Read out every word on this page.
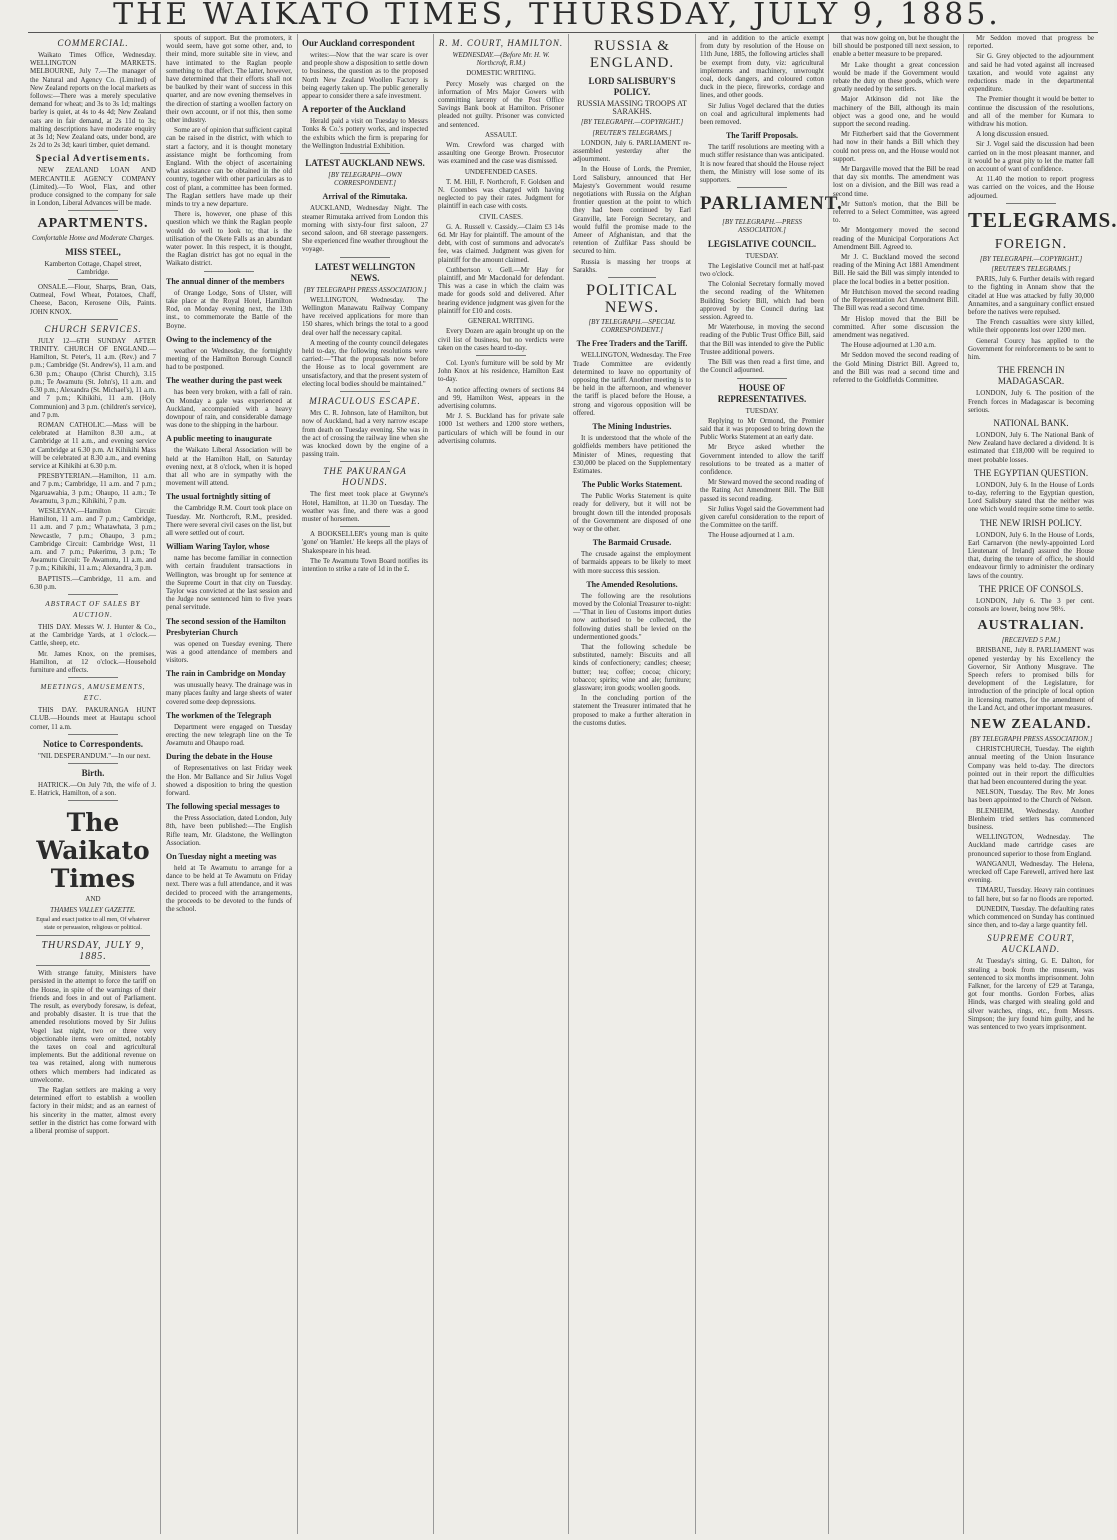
THE WAIKATO TIMES, THURSDAY, JULY 9, 1885.
COMMERCIAL.

Waikato Times Office, Wednesday. WELLINGTON MARKETS. MELBOURNE, July 7.—The manager of the Natural and Agency Co. (Limited) of New Zealand reports on the local markets as follows:—There was a merely speculative demand for wheat; and 3s to 3s 1d; maltings barley is quiet, at 4s to 4s 4d; New Zealand oats are in fair demand, at 2s 11d to 3s; malting descriptions have moderate enquiry at 3s 1d; New Zealand oats, under bond, are 2s 2d to 2s 3d; kauri timber, quiet demand.

Special Advertisements.

NEW ZEALAND LOAN AND MERCANTILE AGENCY COMPANY (Limited).—To Wool, Flax, and other produce consigned to the company for sale in London, Liberal Advances will be made.

APARTMENTS.
Comfortable Home and Moderate Charges.
MISS STEEL,
Kamberton Cottage, Chapel street, Cambridge.

ONSALE.—Flour, Sharps, Bran, Oats, Oatmeal, Fowl Wheat, Potatoes, Chaff, Cheese, Bacon, Kerosene Oils, Paints. JOHN KNOX.

CHURCH SERVICES.

JULY 12—6TH SUNDAY AFTER TRINITY. CHURCH OF ENGLAND.—Hamilton, St. Peter's, 11 a.m. (Rev.) and 7 p.m.; Cambridge (St. Andrew's), 11 a.m. and 6.30 p.m.; Ohaupo (Christ Church), 3.15 p.m.; Te Awamutu (St. John's), 11 a.m. and 6.30 p.m.; Alexandra (St. Michael's), 11 a.m. and 7 p.m.; Kihikihi, 11 a.m. (Holy Communion) and 3 p.m. (children's service), and 7 p.m.

ROMAN CATHOLIC.—Mass will be celebrated at Hamilton 8.30 a.m., at Cambridge at 11 a.m., and evening service at Cambridge at 6.30 p.m. At Kihikihi Mass will be celebrated at 8.30 a.m., and evening service at Kihikihi at 6.30 p.m.

PRESBYTERIAN.—Hamilton, 11 a.m. and 7 p.m.; Cambridge, 11 a.m. and 7 p.m.; Ngaruawahia, 3 p.m.; Ohaupo, 11 a.m.; Te Awamutu, 3 p.m.; Kihikihi, 7 p.m.

WESLEYAN.—Hamilton Circuit: Hamilton, 11 a.m. and 7 p.m.; Cambridge, 11 a.m. and 7 p.m.; Whatawhata, 3 p.m.; Newcastle, 7 p.m.; Ohaupo, 3 p.m.; Cambridge Circuit: Cambridge West, 11 a.m. and 7 p.m.; Pukerimu, 3 p.m.; Te Awamutu Circuit: Te Awamutu, 11 a.m. and 7 p.m.; Kihikihi, 11 a.m.; Alexandra, 3 p.m.

BAPTISTS.—Cambridge, 11 a.m. and 6.30 p.m.

ABSTRACT OF SALES BY AUCTION.

THIS DAY. Messrs W. J. Hunter & Co., at the Cambridge Yards, at 1 o'clock.—Cattle, sheep, etc.

Mr. James Knox, on the premises, Hamilton, at 12 o'clock.—Household furniture and effects.

MEETINGS, AMUSEMENTS, ETC.

THIS DAY. PAKURANGA HUNT CLUB.—Hounds meet at Hautapu school corner, 11 a.m.

Notice to Correspondents.

"NIL DESPERANDUM."—In our next.

Birth.

HATRICK.—On July 7th, the wife of J. E. Hatrick, Hamilton, of a son.

The Waikato Times
AND
THAMES VALLEY GAZETTE.

Equal and exact justice to all men, Of whatever state or persuasion, religious or political.

THURSDAY, JULY 9, 1885.

With strange fatuity, Ministers have persisted in the attempt to force the tariff on the House, in spite of the warnings of their friends and foes in and out of Parliament. The result, as everybody foresaw, is defeat, and probably disaster. It is true that the amended resolutions moved by Sir Julius Vogel last night, two or three very objectionable items were omitted, notably the taxes on coal and agricultural implements. But the additional revenue on tea was retained, along with numerous others which members had indicated as unwelcome.

The Raglan settlers are making a very determined effort to establish a woollen factory in their midst; and as an earnest of his sincerity in the matter, almost every settler in the district has come forward with a liberal promise of support.

spouts of support. But the promoters, it would seem, have got some other, and, to their mind, more suitable site in view, and have intimated to the Raglan people something to that effect. The latter, however, have determined that their efforts shall not be baulked by their want of success in this quarter, and are now evening themselves in the direction of starting a woollen factory on their own account, or if not this, then some other industry.

Some are of opinion that sufficient capital can be raised in the district, with which to start a factory, and it is thought monetary assistance might be forthcoming from England. With the object of ascertaining what assistance can be obtained in the old country, together with other particulars as to cost of plant, a committee has been formed. The Raglan settlers have made up their minds to try a new departure.

There is, however, one phase of this question which we think the Raglan people would do well to look to; that is the utilisation of the Okete Falls as an abundant water power. In this respect, it is thought, the Raglan district has got no equal in the Waikato district.

The annual dinner of the members

of Orange Lodge, Sons of Ulster, will take place at the Royal Hotel, Hamilton Rod, on Monday evening next, the 13th inst., to commemorate the Battle of the Boyne.

Owing to the inclemency of the

weather on Wednesday, the fortnightly meeting of the Hamilton Borough Council had to be postponed.

The weather during the past week

has been very broken, with a fall of rain. On Monday a gale was experienced at Auckland, accompanied with a heavy downpour of rain, and considerable damage was done to the shipping in the harbour.

A public meeting to inaugurate

the Waikato Liberal Association will be held at the Hamilton Hall, on Saturday evening next, at 8 o'clock, when it is hoped that all who are in sympathy with the movement will attend.

The usual fortnightly sitting of

the Cambridge R.M. Court took place on Tuesday. Mr. Northcroft, R.M., presided. There were several civil cases on the list, but all were settled out of court.

William Waring Taylor, whose

name has become familiar in connection with certain fraudulent transactions in Wellington, was brought up for sentence at the Supreme Court in that city on Tuesday. Taylor was convicted at the last session and the Judge now sentenced him to five years penal servitude.

The second session of the Hamilton Presbyterian Church

was opened on Tuesday evening. There was a good attendance of members and visitors.

The rain in Cambridge on Monday

was unusually heavy. The drainage was in many places faulty and large sheets of water covered some deep depressions.

The workmen of the Telegraph

Department were engaged on Tuesday erecting the new telegraph line on the Te Awamutu and Ohaupo road.

During the debate in the House

of Representatives on last Friday week the Hon. Mr Ballance and Sir Julius Vogel showed a disposition to bring the question forward.

The following special messages to

the Press Association, dated London, July 8th, have been published:—The English Rifle team, Mr. Gladstone, the Wellington Association.

On Tuesday night a meeting was

held at Te Awamutu to arrange for a dance to be held at Te Awamutu on Friday next. There was a full attendance, and it was decided to proceed with the arrangements, the proceeds to be devoted to the funds of the school.

Our Auckland correspondent

writes:—Now that the war scare is over and people show a disposition to settle down to business, the question as to the proposed North New Zealand Woollen Factory is being eagerly taken up. The public generally appear to consider there a safe investment.

A reporter of the Auckland

Herald paid a visit on Tuesday to Messrs Tonks & Co.'s pottery works, and inspected the exhibits which the firm is preparing for the Wellington Industrial Exhibition.

LATEST AUCKLAND NEWS.
[BY TELEGRAPH—OWN CORRESPONDENT.]
Arrival of the Rimutaka.

AUCKLAND, Wednesday Night. The steamer Rimutaka arrived from London this morning with sixty-four first saloon, 27 second saloon, and 68 steerage passengers. She experienced fine weather throughout the voyage.

LATEST WELLINGTON NEWS.
[BY TELEGRAPH PRESS ASSOCIATION.]

WELLINGTON, Wednesday. The Wellington Manawatu Railway Company have received applications for more than 150 shares, which brings the total to a good deal over half the necessary capital.

A meeting of the county council delegates held to-day, the following resolutions were carried:—"That the proposals now before the House as to local government are unsatisfactory, and that the present system of electing local bodies should be maintained."

MIRACULOUS ESCAPE.

Mrs C. R. Johnson, late of Hamilton, but now of Auckland, had a very narrow escape from death on Tuesday evening. She was in the act of crossing the railway line when she was knocked down by the engine of a passing train.

THE PAKURANGA HOUNDS.

The first meet took place at Gwynne's Hotel, Hamilton, at 11.30 on Tuesday. The weather was fine, and there was a good muster of horsemen.

A BOOKSELLER's young man is quite 'gone' on 'Hamlet.' He keeps all the plays of Shakespeare in his head.

The Te Awamutu Town Board notifies its intention to strike a rate of 1d in the £.

R. M. COURT, HAMILTON.
WEDNESDAY.—(Before Mr. H. W. Northcroft, R.M.)
DOMESTIC WRITING.

Percy Mosely was charged on the information of Mrs Major Gowers with committing larceny of the Post Office Savings Bank book at Hamilton. Prisoner pleaded not guilty. Prisoner was convicted and sentenced.

ASSAULT.

Wm. Crewford was charged with assaulting one George Brown. Prosecutor was examined and the case was dismissed.

UNDEFENDED CASES.

T. M. Hill, F. Northcroft, F. Goldsen and N. Coombes was charged with having neglected to pay their rates. Judgment for plaintiff in each case with costs.

CIVIL CASES.

G. A. Russell v. Cassidy.—Claim £3 14s 6d. Mr Hay for plaintiff. The amount of the debt, with cost of summons and advocate's fee, was claimed. Judgment was given for plaintiff for the amount claimed.

Cuthbertson v. Gell.—Mr Hay for plaintiff, and Mr Macdonald for defendant. This was a case in which the claim was made for goods sold and delivered. After hearing evidence judgment was given for the plaintiff for £10 and costs.

GENERAL WRITING.

Every Dozen are again brought up on the civil list of business, but no verdicts were taken on the cases heard to-day.

Col. Lyon's furniture will be sold by Mr John Knox at his residence, Hamilton East to-day.

A notice affecting owners of sections 84 and 99, Hamilton West, appears in the advertising columns.

Mr J. S. Buckland has for private sale 1000 1st wethers and 1200 store wethers, particulars of which will be found in our advertising columns.

RUSSIA & ENGLAND.
LORD SALISBURY'S POLICY.
RUSSIA MASSING TROOPS AT SARAKHS.
[BY TELEGRAPH.—COPYRIGHT.]
[REUTER'S TELEGRAMS.]

LONDON, July 6. PARLIAMENT re-assembled yesterday after the adjournment.

In the House of Lords, the Premier, Lord Salisbury, announced that Her Majesty's Government would resume negotiations with Russia on the Afghan frontier question at the point to which they had been continued by Earl Granville, late Foreign Secretary, and would fulfil the promise made to the Ameer of Afghanistan, and that the retention of Zulfikar Pass should be secured to him.

Russia is massing her troops at Sarakhs.

POLITICAL NEWS.
[BY TELEGRAPH.—SPECIAL CORRESPONDENT.]
The Free Traders and the Tariff.

WELLINGTON, Wednesday. The Free Trade Committee are evidently determined to leave no opportunity of opposing the tariff. Another meeting is to be held in the afternoon, and whenever the tariff is placed before the House, a strong and vigorous opposition will be offered.

The Mining Industries.

It is understood that the whole of the goldfields members have petitioned the Minister of Mines, requesting that £30,000 be placed on the Supplementary Estimates.

The Public Works Statement.

The Public Works Statement is quite ready for delivery, but it will not be brought down till the intended proposals of the Government are disposed of one way or the other.

The Barmaid Crusade.

The crusade against the employment of barmaids appears to be likely to meet with more success this session.

The Amended Resolutions.

The following are the resolutions moved by the Colonial Treasurer to-night:—"That in lieu of Customs import duties now authorised to be collected, the following duties shall be levied on the undermentioned goods."

That the following schedule be substituted, namely: Biscuits and all kinds of confectionery; candles; cheese; butter; tea; coffee; cocoa; chicory; tobacco; spirits; wine and ale; furniture; glassware; iron goods; woollen goods.

In the concluding portion of the statement the Treasurer intimated that he proposed to make a further alteration in the customs duties.

and in addition to the article exempt from duty by resolution of the House on 11th June, 1885, the following articles shall be exempt from duty, viz: agricultural implements and machinery, unwrought coal, dock dangers, and coloured cotton duck in the piece, fireworks, cordage and lines, and other goods.

Sir Julius Vogel declared that the duties on coal and agricultural implements had been removed.

The Tariff Proposals.

The tariff resolutions are meeting with a much stiffer resistance than was anticipated. It is now feared that should the House reject them, the Ministry will lose some of its supporters.

PARLIAMENT.
[BY TELEGRAPH.—PRESS ASSOCIATION.]
LEGISLATIVE COUNCIL.
TUESDAY.

The Legislative Council met at half-past two o'clock.

The Colonial Secretary formally moved the second reading of the Whitemen Building Society Bill, which had been approved by the Council during last session. Agreed to.

Mr Waterhouse, in moving the second reading of the Public Trust Office Bill, said that the Bill was intended to give the Public Trustee additional powers.

The Bill was then read a first time, and the Council adjourned.

HOUSE OF REPRESENTATIVES.
TUESDAY.

Replying to Mr Ormond, the Premier said that it was proposed to bring down the Public Works Statement at an early date.

Mr Bryce asked whether the Government intended to allow the tariff resolutions to be treated as a matter of confidence.

Mr Steward moved the second reading of the Rating Act Amendment Bill. The Bill passed its second reading.

Sir Julius Vogel said the Government had given careful consideration to the report of the Committee on the tariff.

The House adjourned at 1 a.m.

that was now going on, but he thought the bill should be postponed till next session, to enable a better measure to be prepared.

Mr Lake thought a great concession would be made if the Government would rebate the duty on these goods, which were greatly needed by the settlers.

Major Atkinson did not like the machinery of the Bill, although its main object was a good one, and he would support the second reading.

Mr Fitzherbert said that the Government had now in their hands a Bill which they could not press on, and the House would not support.

Mr Dargaville moved that the Bill be read that day six months. The amendment was lost on a division, and the Bill was read a second time.

Mr Sutton's motion, that the Bill be referred to a Select Committee, was agreed to.

Mr Montgomery moved the second reading of the Municipal Corporations Act Amendment Bill. Agreed to.

Mr J. C. Buckland moved the second reading of the Mining Act 1881 Amendment Bill. He said the Bill was simply intended to place the local bodies in a better position.

Mr Hutchison moved the second reading of the Representation Act Amendment Bill. The Bill was read a second time.

Mr Hislop moved that the Bill be committed. After some discussion the amendment was negatived.

The House adjourned at 1.30 a.m.

Mr Seddon moved the second reading of the Gold Mining District Bill. Agreed to, and the Bill was read a second time and referred to the Goldfields Committee.

Mr Seddon moved that progress be reported.

Sir G. Grey objected to the adjournment and said he had voted against all increased taxation, and would vote against any reductions made in the departmental expenditure.

The Premier thought it would be better to continue the discussion of the resolutions, and all of the member for Kumara to withdraw his motion.

A long discussion ensued.

Sir J. Vogel said the discussion had been carried on in the most pleasant manner, and it would be a great pity to let the matter fall on account of want of confidence.

At 11.40 the motion to report progress was carried on the voices, and the House adjourned.

TELEGRAMS.
FOREIGN.
[BY TELEGRAPH.—COPYRIGHT.]
[REUTER'S TELEGRAMS.]

PARIS, July 6. Further details with regard to the fighting in Annam show that the citadel at Hue was attacked by fully 30,000 Annamites, and a sanguinary conflict ensued before the natives were repulsed.

The French casualties were sixty killed, while their opponents lost over 1200 men.

General Courcy has applied to the Government for reinforcements to be sent to him.

THE FRENCH IN MADAGASCAR.

LONDON, July 6. The position of the French forces in Madagascar is becoming serious.

NATIONAL BANK.

LONDON, July 6. The National Bank of New Zealand have declared a dividend. It is estimated that £18,000 will be required to meet probable losses.

THE EGYPTIAN QUESTION.

LONDON, July 6. In the House of Lords to-day, referring to the Egyptian question, Lord Salisbury stated that the neither was one which would require some time to settle.

THE NEW IRISH POLICY.

LONDON, July 6. In the House of Lords, Earl Carnarvon (the newly-appointed Lord Lieutenant of Ireland) assured the House that, during the tenure of office, he should endeavour firmly to administer the ordinary laws of the country.

THE PRICE OF CONSOLS.

LONDON, July 6. The 3 per cent. consols are lower, being now 98½.

AUSTRALIAN.
[RECEIVED 5 P.M.]

BRISBANE, July 8. PARLIAMENT was opened yesterday by his Excellency the Governor, Sir Anthony Musgrave. The Speech refers to promised bills for development of the Legislature, for introduction of the principle of local option in licensing matters, for the amendment of the Land Act, and other important measures.

NEW ZEALAND.
[BY TELEGRAPH PRESS ASSOCIATION.]

CHRISTCHURCH, Tuesday. The eighth annual meeting of the Union Insurance Company was held to-day. The directors pointed out in their report the difficulties that had been encountered during the year.

NELSON, Tuesday. The Rev. Mr Jones has been appointed to the Church of Nelson.

BLENHEIM, Wednesday. Another Blenheim tried settlers has commenced business.

WELLINGTON, Wednesday. The Auckland made cartridge cases are pronounced superior to those from England.

WANGANUI, Wednesday. The Helena, wrecked off Cape Farewell, arrived here last evening.

TIMARU, Tuesday. Heavy rain continues to fall here, but so far no floods are reported.

DUNEDIN, Tuesday. The defaulting rates which commenced on Sunday has continued since then, and to-day a large quantity fell.

SUPREME COURT, AUCKLAND.

At Tuesday's sitting, G. E. Dalton, for stealing a book from the museum, was sentenced to six months imprisonment. John Falkner, for the larceny of £29 at Taranga, got four months. Gordon Forbes, alias Hinds, was charged with stealing gold and silver watches, rings, etc., from Messrs. Simpson; the jury found him guilty, and he was sentenced to two years imprisonment.
